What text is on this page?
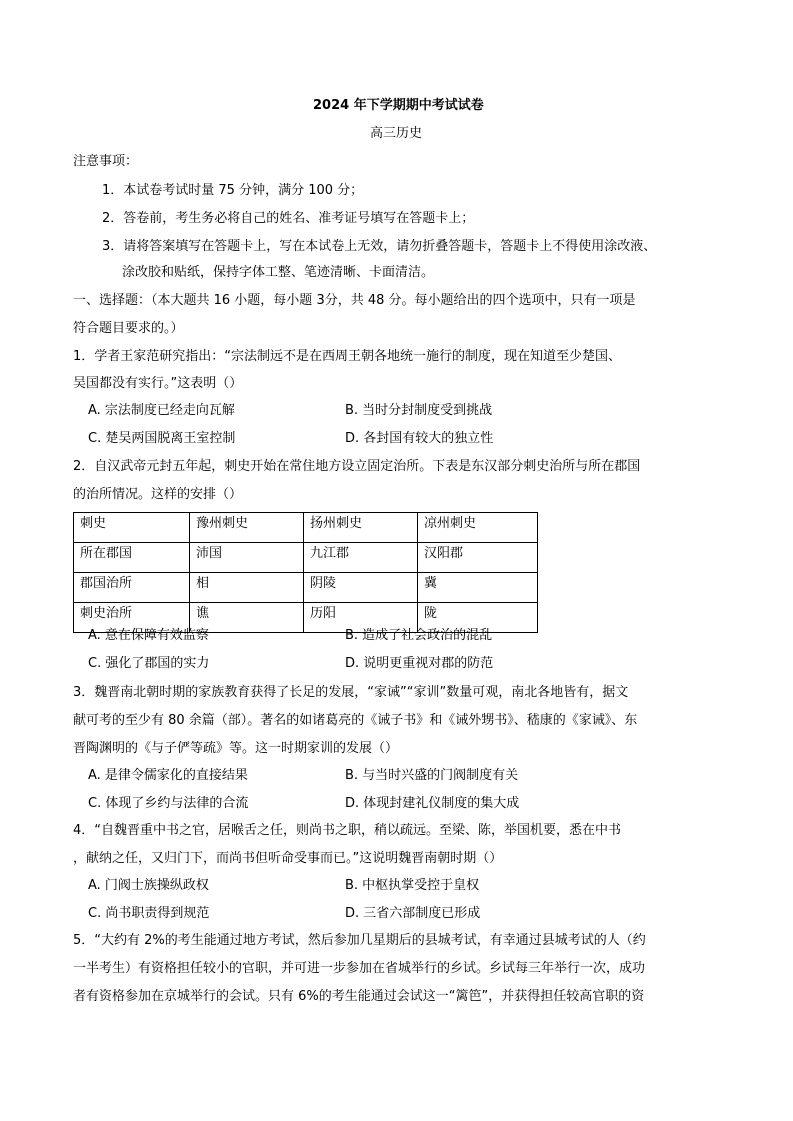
2024 年下学期期中考试试卷
高三历史
注意事项：
1．本试卷考试时量 75 分钟，满分 100 分；
2．答卷前，考生务必将自己的姓名、准考证号填写在答题卡上；
3．请将答案填写在答题卡上，写在本试卷上无效，请勿折叠答题卡，答题卡上不得使用涂改液、
涂改胶和贴纸，保持字体工整、笔迹清晰、卡面清洁。
一、选择题：（本大题共 16 小题，每小题 3分，共 48 分。每小题给出的四个选项中，只有一项是
符合题目要求的。）
1．学者王家范研究指出：“宗法制远不是在西周王朝各地统一施行的制度，现在知道至少楚国、
吴国都没有实行。”这表明（）
A. 宗法制度已经走向瓦解	B. 当时分封制度受到挑战
C. 楚吴两国脱离王室控制	D. 各封国有较大的独立性
2．自汉武帝元封五年起，刺史开始在常住地方设立固定治所。下表是东汉部分刺史治所与所在郡国
的治所情况。这样的安排（）
刺史	豫州刺史	扬州刺史	凉州刺史
所在郡国	沛国	九江郡	汉阳郡
郡国治所	相	阴陵	冀
刺史治所	谯	历阳	陇
A. 意在保障有效监察	B. 造成了社会政治的混乱
C. 强化了郡国的实力	D. 说明更重视对郡的防范
3．魏晋南北朝时期的家族教育获得了长足的发展，“家诫”“家训”数量可观，南北各地皆有，据文
献可考的至少有 80 余篇（部）。著名的如诸葛亮的《诫子书》和《诫外甥书》、嵇康的《家诫》、东
晋陶渊明的《与子俨等疏》等。这一时期家训的发展（）
A. 是律令儒家化的直接结果	B. 与当时兴盛的门阀制度有关
C. 体现了乡约与法律的合流	D. 体现封建礼仪制度的集大成
4．“自魏晋重中书之官，居喉舌之任，则尚书之职，稍以疏远。至梁、陈，举国机要，悉在中书
，献纳之任，又归门下，而尚书但听命受事而已。”这说明魏晋南朝时期（）
A. 门阀士族操纵政权	B. 中枢执掌受控于皇权
C. 尚书职责得到规范	D. 三省六部制度已形成
5．“大约有 2%的考生能通过地方考试，然后参加几星期后的县城考试，有幸通过县城考试的人（约
一半考生）有资格担任较小的官职，并可进一步参加在省城举行的乡试。乡试每三年举行一次，成功
者有资格参加在京城举行的会试。只有 6%的考生能通过会试这一“篱笆”，并获得担任较高官职的资
